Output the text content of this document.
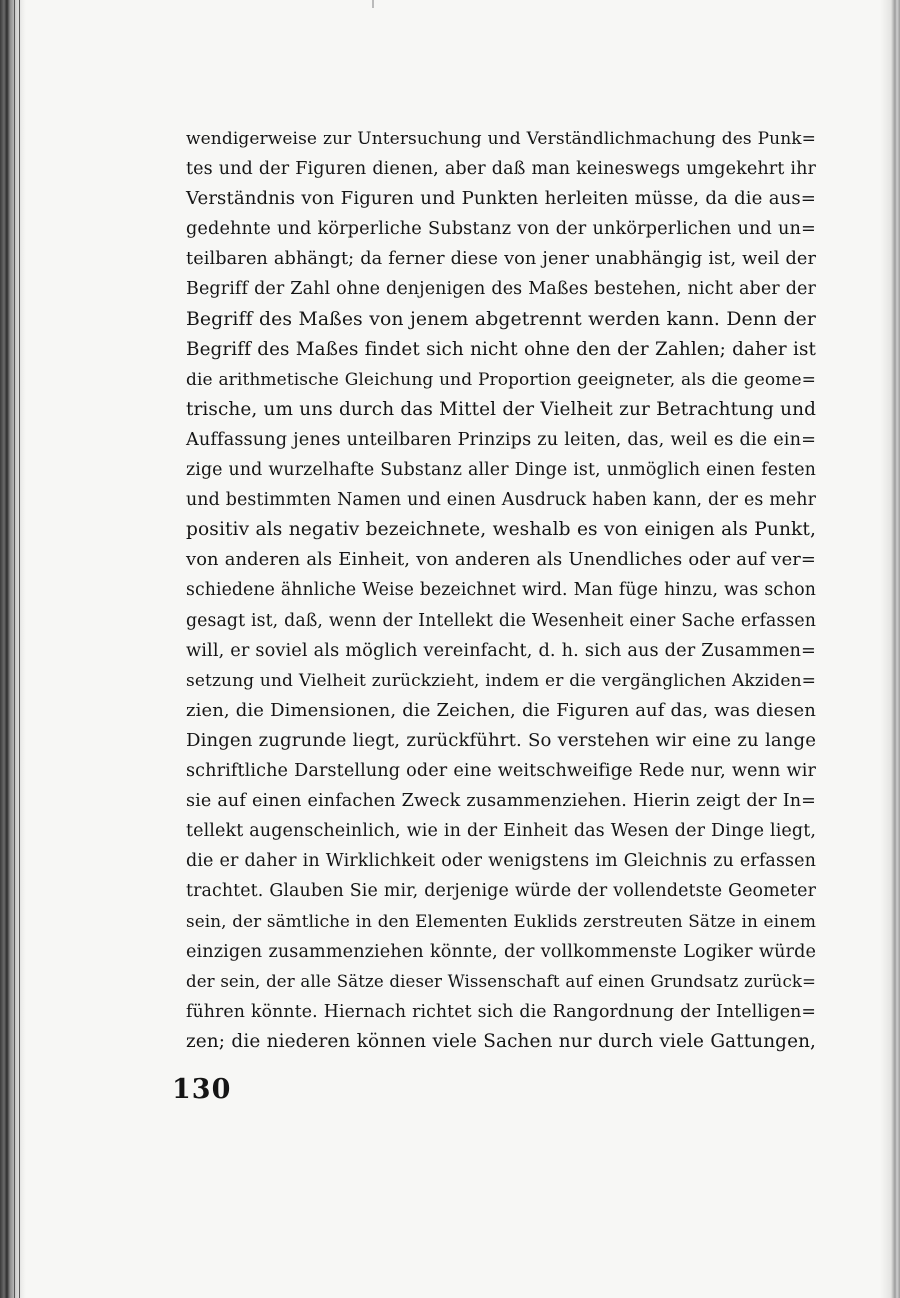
wendigerweise zur Untersuchung und Verständlichmachung des Punk=
tes und der Figuren dienen, aber daß man keineswegs umgekehrt ihr
Verständnis von Figuren und Punkten herleiten müsse, da die aus=
gedehnte und körperliche Substanz von der unkörperlichen und un=
teilbaren abhängt; da ferner diese von jener unabhängig ist, weil der
Begriff der Zahl ohne denjenigen des Maßes bestehen, nicht aber der
Begriff des Maßes von jenem abgetrennt werden kann. Denn der
Begriff des Maßes findet sich nicht ohne den der Zahlen; daher ist
die arithmetische Gleichung und Proportion geeigneter, als die geome=
trische, um uns durch das Mittel der Vielheit zur Betrachtung und
Auffassung jenes unteilbaren Prinzips zu leiten, das, weil es die ein=
zige und wurzelhafte Substanz aller Dinge ist, unmöglich einen festen
und bestimmten Namen und einen Ausdruck haben kann, der es mehr
positiv als negativ bezeichnete, weshalb es von einigen als Punkt,
von anderen als Einheit, von anderen als Unendliches oder auf ver=
schiedene ähnliche Weise bezeichnet wird. Man füge hinzu, was schon
gesagt ist, daß, wenn der Intellekt die Wesenheit einer Sache erfassen
will, er soviel als möglich vereinfacht, d. h. sich aus der Zusammen=
setzung und Vielheit zurückzieht, indem er die vergänglichen Akziden=
zien, die Dimensionen, die Zeichen, die Figuren auf das, was diesen
Dingen zugrunde liegt, zurückführt. So verstehen wir eine zu lange
schriftliche Darstellung oder eine weitschweifige Rede nur, wenn wir
sie auf einen einfachen Zweck zusammenziehen. Hierin zeigt der In=
tellekt augenscheinlich, wie in der Einheit das Wesen der Dinge liegt,
die er daher in Wirklichkeit oder wenigstens im Gleichnis zu erfassen
trachtet. Glauben Sie mir, derjenige würde der vollendetste Geometer
sein, der sämtliche in den Elementen Euklids zerstreuten Sätze in einem
einzigen zusammenziehen könnte, der vollkommenste Logiker würde
der sein, der alle Sätze dieser Wissenschaft auf einen Grundsatz zurück=
führen könnte. Hiernach richtet sich die Rangordnung der Intelligen=
zen; die niederen können viele Sachen nur durch viele Gattungen,
130
